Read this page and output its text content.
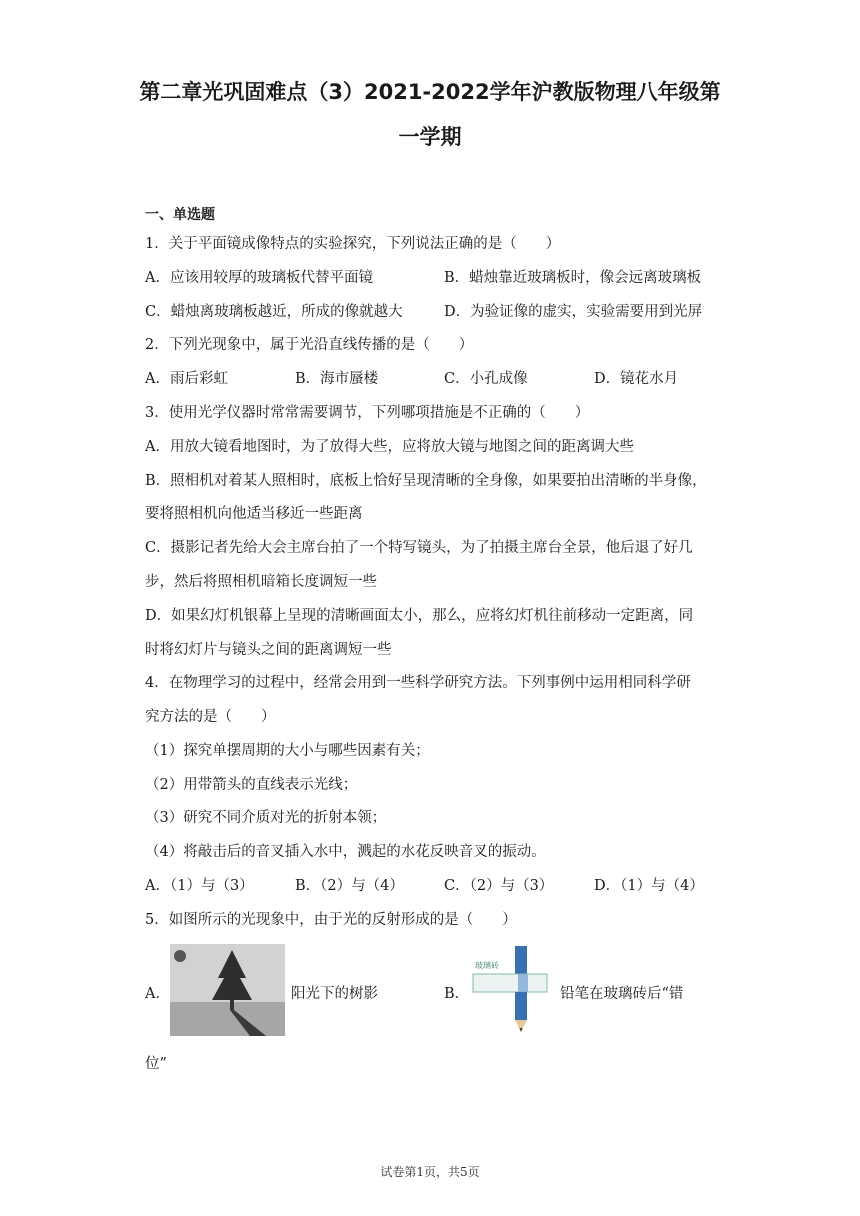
第二章光巩固难点（3）2021-2022学年沪教版物理八年级第
一学期
一、单选题
1．关于平面镜成像特点的实验探究，下列说法正确的是（　　）
A．应该用较厚的玻璃板代替平面镜	B．蜡烛靠近玻璃板时，像会远离玻璃板
C．蜡烛离玻璃板越近，所成的像就越大	D．为验证像的虚实，实验需要用到光屏
2．下列光现象中，属于光沿直线传播的是（　　）
A．雨后彩虹	B．海市蜃楼	C．小孔成像	D．镜花水月
3．使用光学仪器时常常需要调节，下列哪项措施是不正确的（　　）
A．用放大镜看地图时，为了放得大些，应将放大镜与地图之间的距离调大些
B．照相机对着某人照相时，底板上恰好呈现清晰的全身像，如果要拍出清晰的半身像，
要将照相机向他适当移近一些距离
C．摄影记者先给大会主席台拍了一个特写镜头，为了拍摄主席台全景，他后退了好几
步，然后将照相机暗箱长度调短一些
D．如果幻灯机银幕上呈现的清晰画面太小，那么，应将幻灯机往前移动一定距离，同
时将幻灯片与镜头之间的距离调短一些
4．在物理学习的过程中，经常会用到一些科学研究方法。下列事例中运用相同科学研
究方法的是（　　）
（1）探究单摆周期的大小与哪些因素有关；
（2）用带箭头的直线表示光线；
（3）研究不同介质对光的折射本领；
（4）将敲击后的音叉插入水中，溅起的水花反映音叉的振动。
A．（1）与（3）	B．（2）与（4）	C．（2）与（3）	D．（1）与（4）
5．如图所示的光现象中，由于光的反射形成的是（　　）
A．	阳光下的树影	B．
玻璃砖
铅笔在玻璃砖后“错
位”
试卷第1页，共5页
